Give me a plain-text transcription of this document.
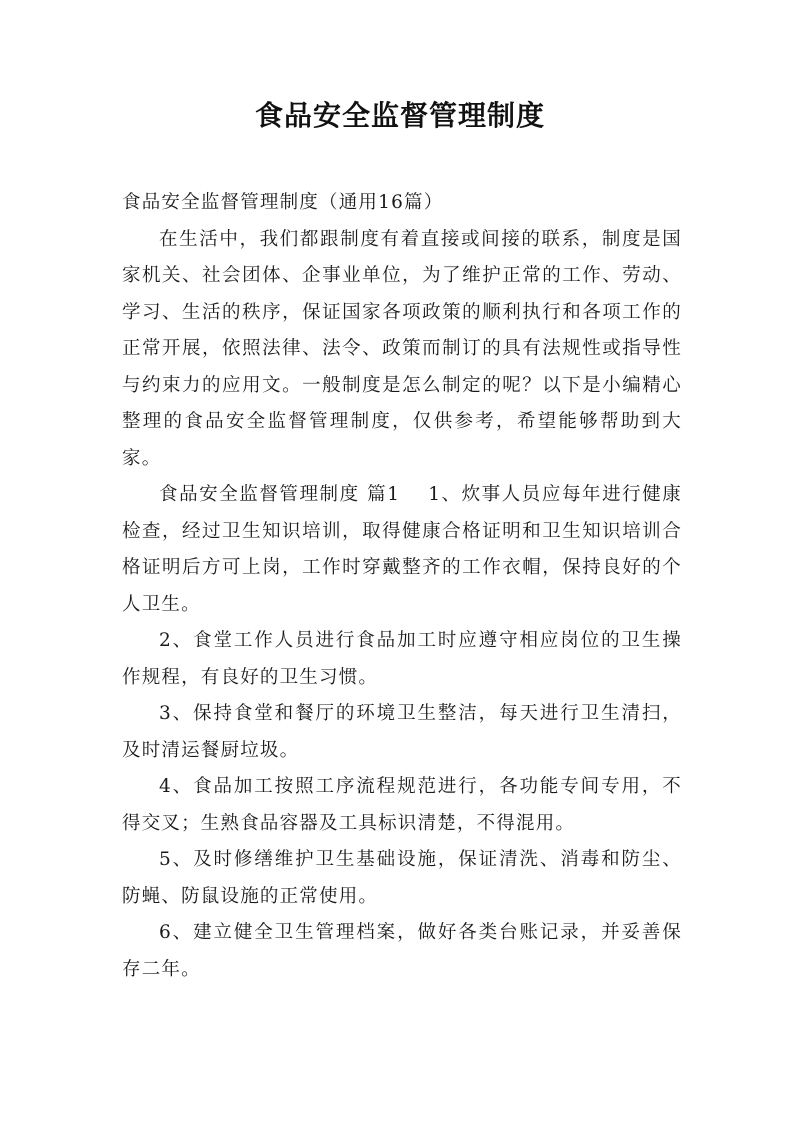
食品安全监督管理制度

食品安全监督管理制度（通用16篇）

在生活中，我们都跟制度有着直接或间接的联系，制度是国家机关、社会团体、企事业单位，为了维护正常的工作、劳动、学习、生活的秩序，保证国家各项政策的顺利执行和各项工作的正常开展，依照法律、法令、政策而制订的具有法规性或指导性与约束力的应用文。一般制度是怎么制定的呢？以下是小编精心整理的食品安全监督管理制度，仅供参考，希望能够帮助到大家。

食品安全监督管理制度 篇1 1、炊事人员应每年进行健康检查，经过卫生知识培训，取得健康合格证明和卫生知识培训合格证明后方可上岗，工作时穿戴整齐的工作衣帽，保持良好的个人卫生。

2、食堂工作人员进行食品加工时应遵守相应岗位的卫生操作规程，有良好的卫生习惯。

3、保持食堂和餐厅的环境卫生整洁，每天进行卫生清扫，及时清运餐厨垃圾。

4、食品加工按照工序流程规范进行，各功能专间专用，不得交叉；生熟食品容器及工具标识清楚，不得混用。

5、及时修缮维护卫生基础设施，保证清洗、消毒和防尘、防蝇、防鼠设施的正常使用。

6、建立健全卫生管理档案，做好各类台账记录，并妥善保存二年。
